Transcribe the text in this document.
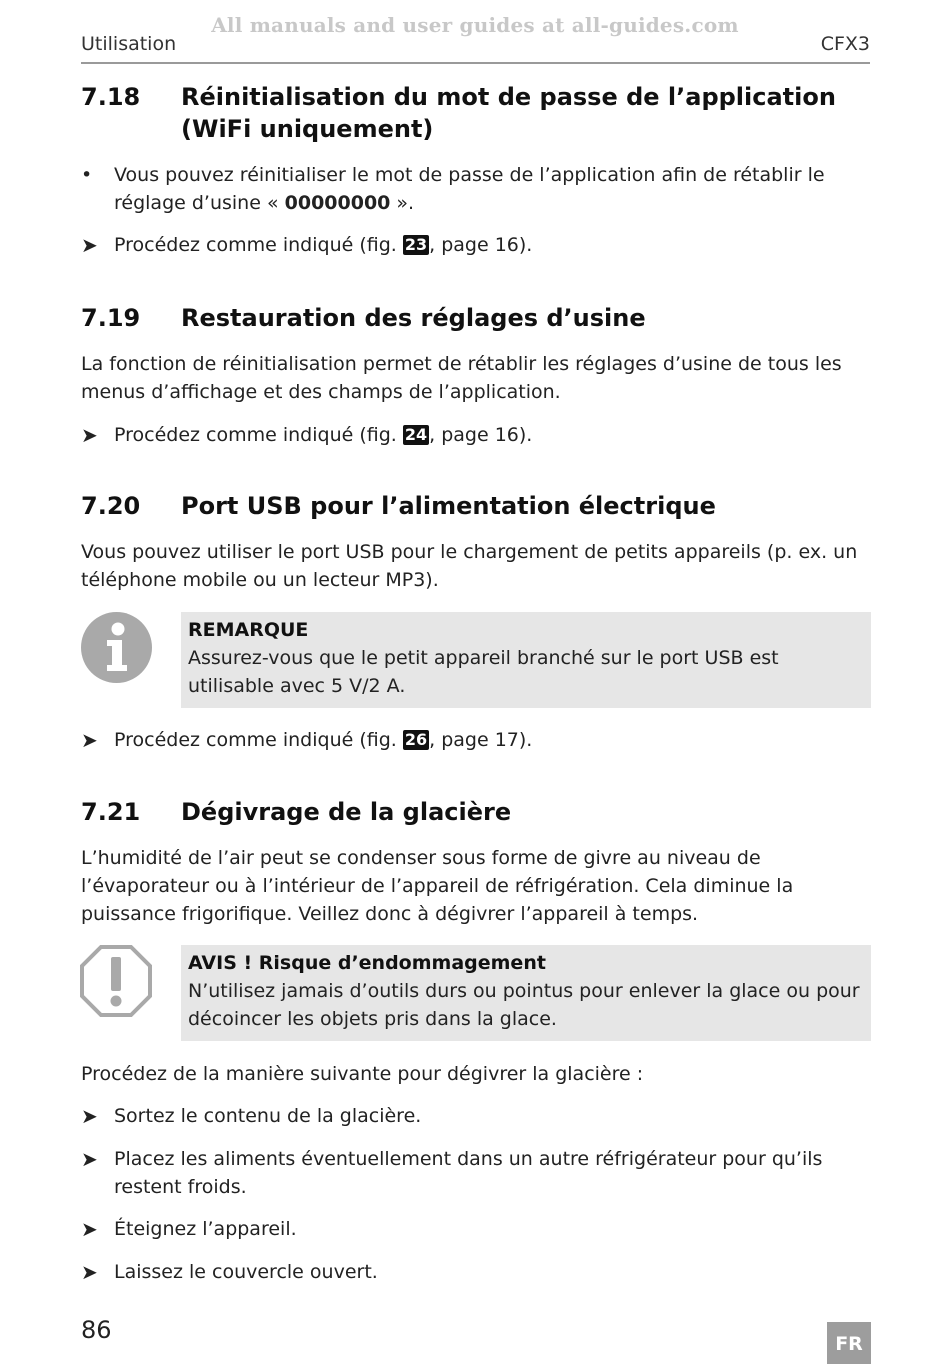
All manuals and user guides at all-guides.com
Utilisation	CFX3
7.18 Réinitialisation du mot de passe de l’application (WiFi uniquement)
•	Vous pouvez réinitialiser le mot de passe de l’application afin de rétablir le réglage d’usine « 00000000 ».
➤ Procédez comme indiqué (fig. 23 , page 16).
7.19 Restauration des réglages d’usine
La fonction de réinitialisation permet de rétablir les réglages d’usine de tous les menus d’affichage et des champs de l’application.
➤ Procédez comme indiqué (fig. 24 , page 16).
7.20 Port USB pour l’alimentation électrique
Vous pouvez utiliser le port USB pour le chargement de petits appareils (p. ex. un téléphone mobile ou un lecteur MP3).
REMARQUE
Assurez-vous que le petit appareil branché sur le port USB est utilisable avec 5 V/2 A.
➤ Procédez comme indiqué (fig. 26 , page 17).
7.21 Dégivrage de la glacière
L’humidité de l’air peut se condenser sous forme de givre au niveau de l’évaporateur ou à l’intérieur de l’appareil de réfrigération. Cela diminue la puissance frigorifique. Veillez donc à dégivrer l’appareil à temps.
AVIS ! Risque d’endommagement
N’utilisez jamais d’outils durs ou pointus pour enlever la glace ou pour décoincer les objets pris dans la glace.
Procédez de la manière suivante pour dégivrer la glacière :
➤ Sortez le contenu de la glacière.
➤ Placez les aliments éventuellement dans un autre réfrigérateur pour qu’ils restent froids.
➤ Éteignez l’appareil.
➤ Laissez le couvercle ouvert.
86	FR
